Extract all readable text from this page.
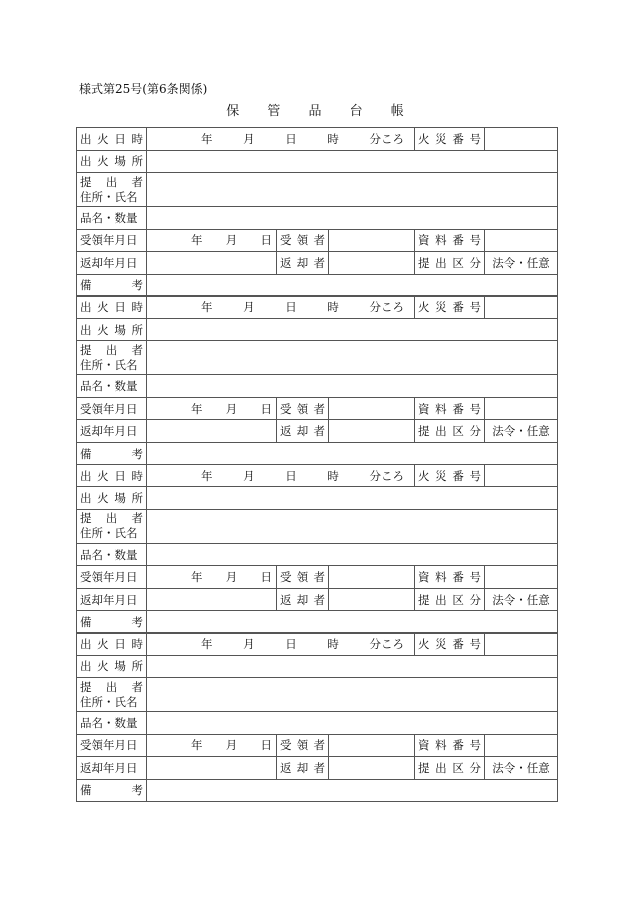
様式第25号(第6条関係)
保 管 品 台 帳
出 火 日 時	年 月 日 時 分ころ			火 災 番 号	

出 火 場 所					

提 出 者
住所・氏名					

品名・数量					
受領年月日	年 月 日	受 領 者		資 料 番 号	

返却年月日		返 却 者		提 出 区 分	法令・任意

備 考					

出 火 日 時	年 月 日 時 分ころ			火 災 番 号	

出 火 場 所					

提 出 者
住所・氏名					

品名・数量					
受領年月日	年 月 日	受 領 者		資 料 番 号	

返却年月日		返 却 者		提 出 区 分	法令・任意

備 考					

出 火 日 時	年 月 日 時 分ころ			火 災 番 号	

出 火 場 所					

提 出 者
住所・氏名					

品名・数量					
受領年月日	年 月 日	受 領 者		資 料 番 号	

返却年月日		返 却 者		提 出 区 分	法令・任意

備 考					

出 火 日 時	年 月 日 時 分ころ			火 災 番 号	

出 火 場 所					

提 出 者
住所・氏名					

品名・数量					
受領年月日	年 月 日	受 領 者		資 料 番 号	

返却年月日		返 却 者		提 出 区 分	法令・任意

備 考					
